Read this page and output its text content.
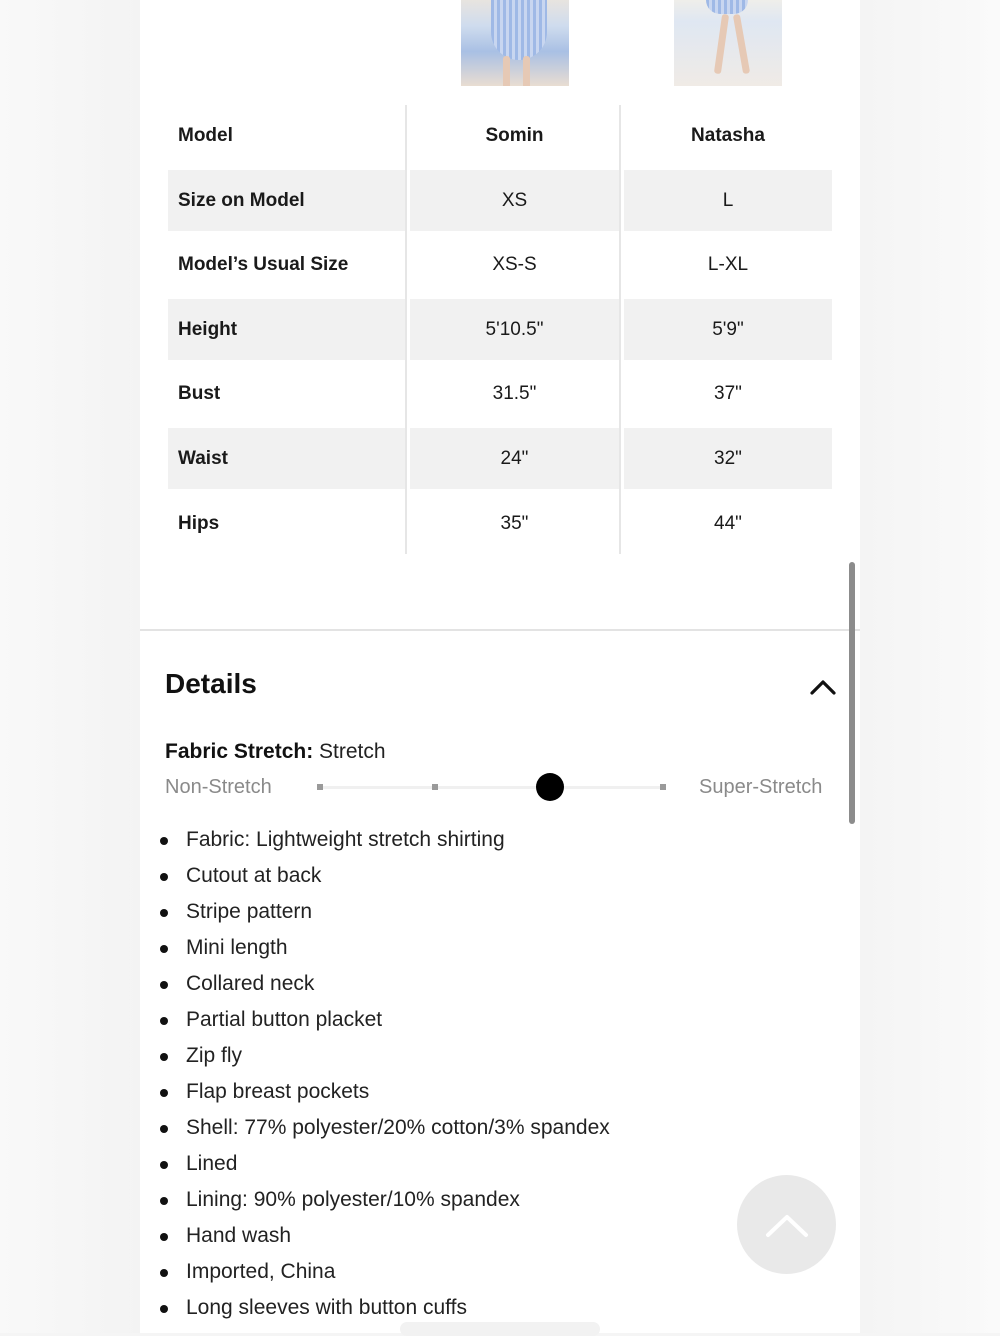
Model	Somin	Natasha
Size on Model	XS	L
Model’s Usual Size	XS-S	L-XL
Height	5'10.5"	5'9"
Bust	31.5"	37"
Waist	24"	32"
Hips	35"	44"
Details
Fabric Stretch: Stretch
Non-Stretch	Super-Stretch
Fabric: Lightweight stretch shirting
Cutout at back
Stripe pattern
Mini length
Collared neck
Partial button placket
Zip fly
Flap breast pockets
Shell: 77% polyester/20% cotton/3% spandex
Lined
Lining: 90% polyester/10% spandex
Hand wash
Imported, China
Long sleeves with button cuffs
